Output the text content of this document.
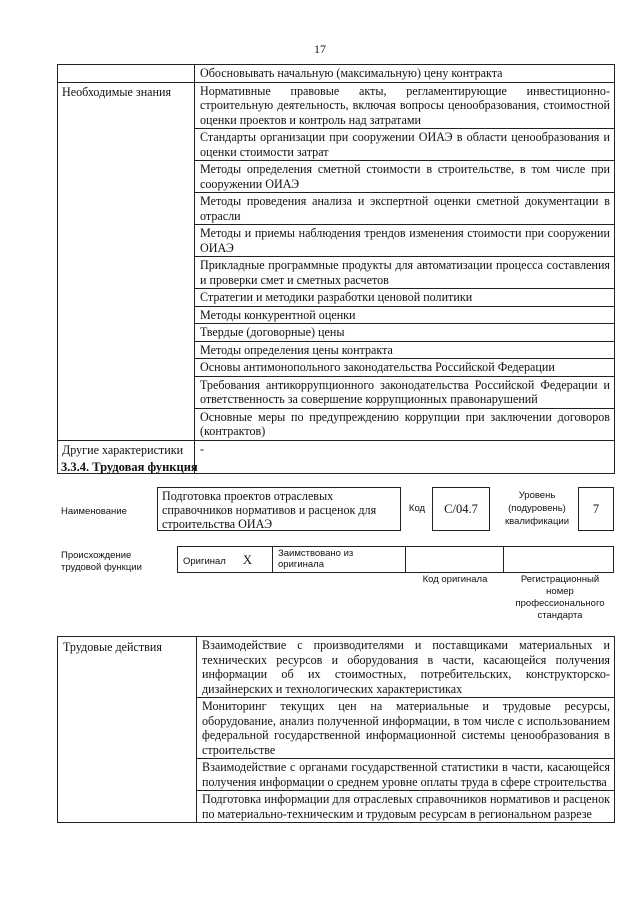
17
	Обосновывать начальную (максимальную) цену контракта
Необходимые знания	Нормативные правовые акты, регламентирующие инвестиционно-строительную деятельность, включая вопросы ценообразования, стоимостной оценки проектов и контроль над затратами
	Стандарты организации при сооружении ОИАЭ в области ценообразования и оценки стоимости затрат
	Методы определения сметной стоимости в строительстве, в том числе при сооружении ОИАЭ
	Методы проведения анализа и экспертной оценки сметной документации в отрасли
	Методы и приемы наблюдения трендов изменения стоимости при сооружении ОИАЭ
	Прикладные программные продукты для автоматизации процесса составления и проверки смет и сметных расчетов
	Стратегии и методики разработки ценовой политики
	Методы конкурентной оценки
	Твердые (договорные) цены
	Методы определения цены контракта
	Основы антимонопольного законодательства Российской Федерации
	Требования антикоррупционного законодательства Российской Федерации и ответственность за совершение коррупционных правонарушений
	Основные меры по предупреждению коррупции при заключении договоров (контрактов)
Другие характеристики	-
3.3.4. Трудовая функция
Наименование
Подготовка проектов отраслевых справочников нормативов и расценок для строительства ОИАЭ
Код	С/04.7
Уровень (подуровень) квалификации
7
Происхождение трудовой функции
Оригинал X	Заимствовано из оригинала
Код оригинала	Регистрационный номер профессионального стандарта
Трудовые действия	Взаимодействие с производителями и поставщиками материальных и технических ресурсов и оборудования в части, касающейся получения информации об их стоимостных, потребительских, конструкторско-дизайнерских и технологических характеристиках
Мониторинг текущих цен на материальные и трудовые ресурсы, оборудование, анализ полученной информации, в том числе с использованием федеральной государственной информационной системы ценообразования в строительстве
Взаимодействие с органами государственной статистики в части, касающейся получения информации о среднем уровне оплаты труда в сфере строительства
Подготовка информации для отраслевых справочников нормативов и расценок по материально-техническим и трудовым ресурсам в региональном разрезе
